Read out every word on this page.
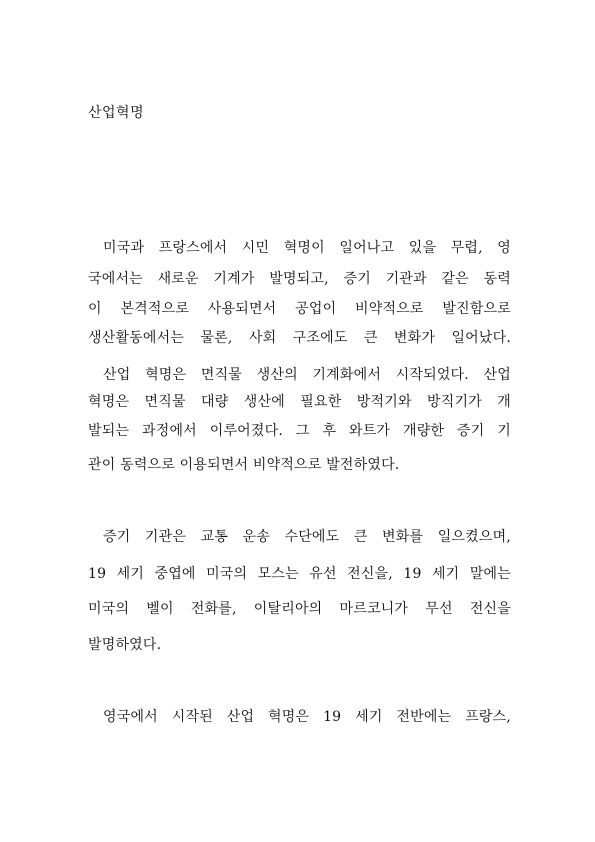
산업혁명
미국과 프랑스에서 시민 혁명이 일어나고 있을 무렵, 영
국에서는 새로운 기계가 발명되고, 증기 기관과 같은 동력
이 본격적으로 사용되면서 공업이 비약적으로 발진함으로
생산활동에서는 물론, 사회 구조에도 큰 변화가 일어났다.
산업 혁명은 면직물 생산의 기계화에서 시작되었다. 산업
혁명은 면직물 대량 생산에 필요한 방적기와 방직기가 개
발되는 과정에서 이루어졌다. 그 후 와트가 개량한 증기 기
관이 동력으로 이용되면서 비약적으로 발전하였다.
증기 기관은 교통 운송 수단에도 큰 변화를 일으켰으며,
19 세기 중엽에 미국의 모스는 유선 전신을, 19 세기 말에는
미국의 벨이 전화를, 이탈리아의 마르코니가 무선 전신을
발명하였다.
영국에서 시작된 산업 혁명은 19 세기 전반에는 프랑스,
